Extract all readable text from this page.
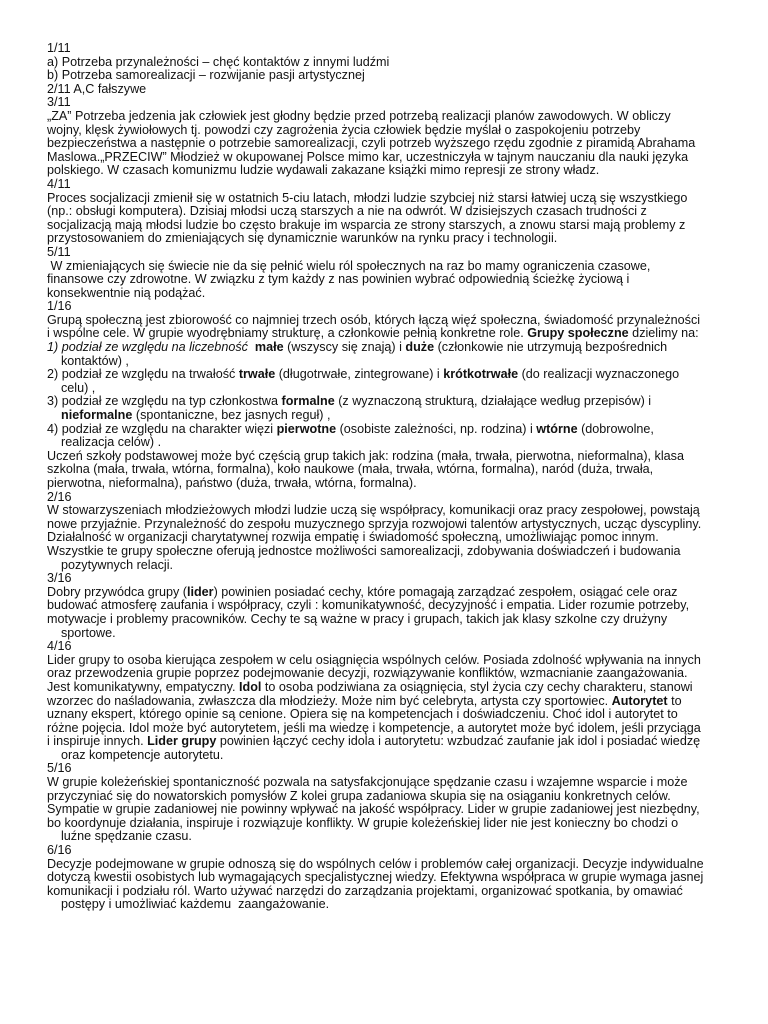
1/11
a) Potrzeba przynależności – chęć kontaktów z innymi ludźmi
b) Potrzeba samorealizacji – rozwijanie pasji artystycznej
2/11 A,C fałszywe
3/11
„ZA” Potrzeba jedzenia jak człowiek jest głodny będzie przed potrzebą realizacji planów zawodowych. W obliczy
wojny, klęsk żywiołowych tj. powodzi czy zagrożenia życia człowiek będzie myślał o zaspokojeniu potrzeby
bezpieczeństwa a następnie o potrzebie samorealizacji, czyli potrzeb wyższego rzędu zgodnie z piramidą Abrahama
Maslowa.„PRZECIW” Młodzież w okupowanej Polsce mimo kar, uczestniczyła w tajnym nauczaniu dla nauki języka
polskiego. W czasach komunizmu ludzie wydawali zakazane książki mimo represji ze strony władz.
4/11
Proces socjalizacji zmienił się w ostatnich 5-ciu latach, młodzi ludzie szybciej niż starsi łatwiej uczą się wszystkiego
(np.: obsługi komputera). Dzisiaj młodsi uczą starszych a nie na odwrót. W dzisiejszych czasach trudności z
socjalizacją mają młodsi ludzie bo często brakuje im wsparcia ze strony starszych, a znowu starsi mają problemy z
przystosowaniem do zmieniających się dynamicznie warunków na rynku pracy i technologii.
5/11
W zmieniających się świecie nie da się pełnić wielu ról społecznych na raz bo mamy ograniczenia czasowe,
finansowe czy zdrowotne. W związku z tym każdy z nas powinien wybrać odpowiednią ścieżkę życiową i
konsekwentnie nią podążać.
1/16
Grupą społeczną jest zbiorowość co najmniej trzech osób, których łączą więź społeczna, świadomość przynależności
i wspólne cele. W grupie wyodrębniamy strukturę, a członkowie pełnią konkretne role. Grupy społeczne dzielimy na:
1) podział ze względu na liczebność  małe (wszyscy się znają) i duże (członkowie nie utrzymują bezpośrednich
kontaktów) ,
2) podział ze względu na trwałość trwałe (długotrwałe, zintegrowane) i krótkotrwałe (do realizacji wyznaczonego
celu) ,
3) podział ze względu na typ członkostwa formalne (z wyznaczoną strukturą, działające według przepisów) i
nieformalne (spontaniczne, bez jasnych reguł) ,
4) podział ze względu na charakter więzi pierwotne (osobiste zależności, np. rodzina) i wtórne (dobrowolne,
realizacja celów) .
Uczeń szkoły podstawowej może być częścią grup takich jak: rodzina (mała, trwała, pierwotna, nieformalna), klasa
szkolna (mała, trwała, wtórna, formalna), koło naukowe (mała, trwała, wtórna, formalna), naród (duża, trwała,
pierwotna, nieformalna), państwo (duża, trwała, wtórna, formalna).
2/16
W stowarzyszeniach młodzieżowych młodzi ludzie uczą się współpracy, komunikacji oraz pracy zespołowej, powstają
nowe przyjaźnie. Przynależność do zespołu muzycznego sprzyja rozwojowi talentów artystycznych, ucząc dyscypliny.
Działalność w organizacji charytatywnej rozwija empatię i świadomość społeczną, umożliwiając pomoc innym.
Wszystkie te grupy społeczne oferują jednostce możliwości samorealizacji, zdobywania doświadczeń i budowania
pozytywnych relacji.
3/16
Dobry przywódca grupy (lider) powinien posiadać cechy, które pomagają zarządzać zespołem, osiągać cele oraz
budować atmosferę zaufania i współpracy, czyli : komunikatywność, decyzyjność i empatia. Lider rozumie potrzeby,
motywacje i problemy pracowników. Cechy te są ważne w pracy i grupach, takich jak klasy szkolne czy drużyny
sportowe.
4/16
Lider grupy to osoba kierująca zespołem w celu osiągnięcia wspólnych celów. Posiada zdolność wpływania na innych
oraz przewodzenia grupie poprzez podejmowanie decyzji, rozwiązywanie konfliktów, wzmacnianie zaangażowania.
Jest komunikatywny, empatyczny. Idol to osoba podziwiana za osiągnięcia, styl życia czy cechy charakteru, stanowi
wzorzec do naśladowania, zwłaszcza dla młodzieży. Może nim być celebryta, artysta czy sportowiec. Autorytet to
uznany ekspert, którego opinie są cenione. Opiera się na kompetencjach i doświadczeniu. Choć idol i autorytet to
różne pojęcia. Idol może być autorytetem, jeśli ma wiedzę i kompetencje, a autorytet może być idolem, jeśli przyciąga
i inspiruje innych. Lider grupy powinien łączyć cechy idola i autorytetu: wzbudzać zaufanie jak idol i posiadać wiedzę
oraz kompetencje autorytetu.
5/16
W grupie koleżeńskiej spontaniczność pozwala na satysfakcjonujące spędzanie czasu i wzajemne wsparcie i może
przyczyniać się do nowatorskich pomysłów Z kolei grupa zadaniowa skupia się na osiąganiu konkretnych celów.
Sympatie w grupie zadaniowej nie powinny wpływać na jakość współpracy. Lider w grupie zadaniowej jest niezbędny,
bo koordynuje działania, inspiruje i rozwiązuje konflikty. W grupie koleżeńskiej lider nie jest konieczny bo chodzi o
luźne spędzanie czasu.
6/16
Decyzje podejmowane w grupie odnoszą się do wspólnych celów i problemów całej organizacji. Decyzje indywidualne
dotyczą kwestii osobistych lub wymagających specjalistycznej wiedzy. Efektywna współpraca w grupie wymaga jasnej
komunikacji i podziału ról. Warto używać narzędzi do zarządzania projektami, organizować spotkania, by omawiać
postępy i umożliwiać każdemu  zaangażowanie.
